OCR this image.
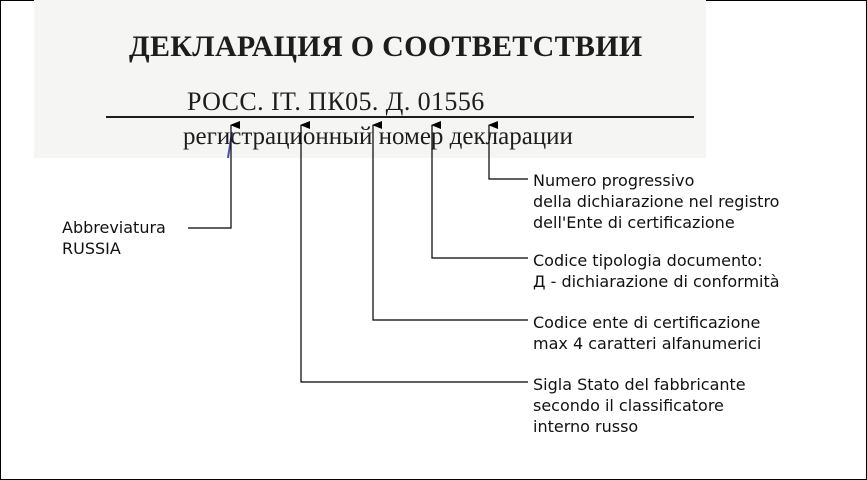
ДЕКЛАРАЦИЯ О СООТВЕТСТВИИ
РОСС. IT. ПК05. Д. 01556
регистрационный номер декларации
Abbreviatura
RUSSIA
Numero progressivo
della dichiarazione nel registro
dell'Ente di certificazione
Codice tipologia documento:
Д - dichiarazione di conformità
Codice ente di certificazione
max 4 caratteri alfanumerici
Sigla Stato del fabbricante
secondo il classificatore
interno russo
